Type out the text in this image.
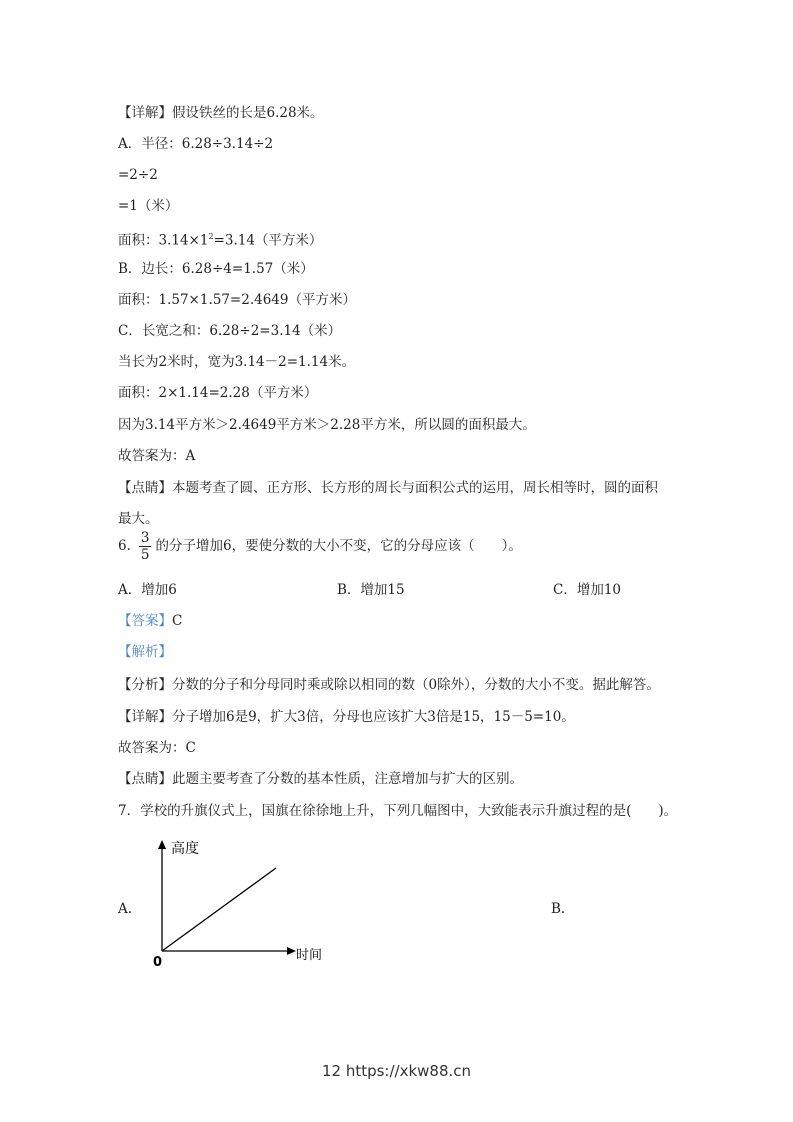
【详解】假设铁丝的长是6.28米。
A．半径：6.28÷3.14÷2
=2÷2
=1（米）
面积：$3.14\times 1^2=3.14$（平方米）
B．边长：6.28÷4=1.57（米）
面积：1.57×1.57=2.4649（平方米）
C．长宽之和：6.28÷2=3.14（米）
当长为2米时，宽为3.14－2=1.14米。
面积：2×1.14=2.28（平方米）
因为3.14平方米＞2.4649平方米＞2.28平方米，所以圆的面积最大。
故答案为：A
【点睛】本题考查了圆、正方形、长方形的周长与面积公式的运用，周长相等时，圆的面积
最大。
6. $\frac{3}{5}$ 的分子增加6，要使分数的大小不变，它的分母应该（　　）。
A．增加6	B．增加15	C．增加10
【答案】C
【解析】
【分析】分数的分子和分母同时乘或除以相同的数（0除外），分数的大小不变。据此解答。
【详解】分子增加6是9，扩大3倍，分母也应该扩大3倍是15，15－5=10。
故答案为：C
【点睛】此题主要考查了分数的基本性质，注意增加与扩大的区别。
7．学校的升旗仪式上，国旗在徐徐地上升，下列几幅图中，大致能表示升旗过程的是(　　)。
A.	B.
高度
时间
0
12 https://xkw88.cn
